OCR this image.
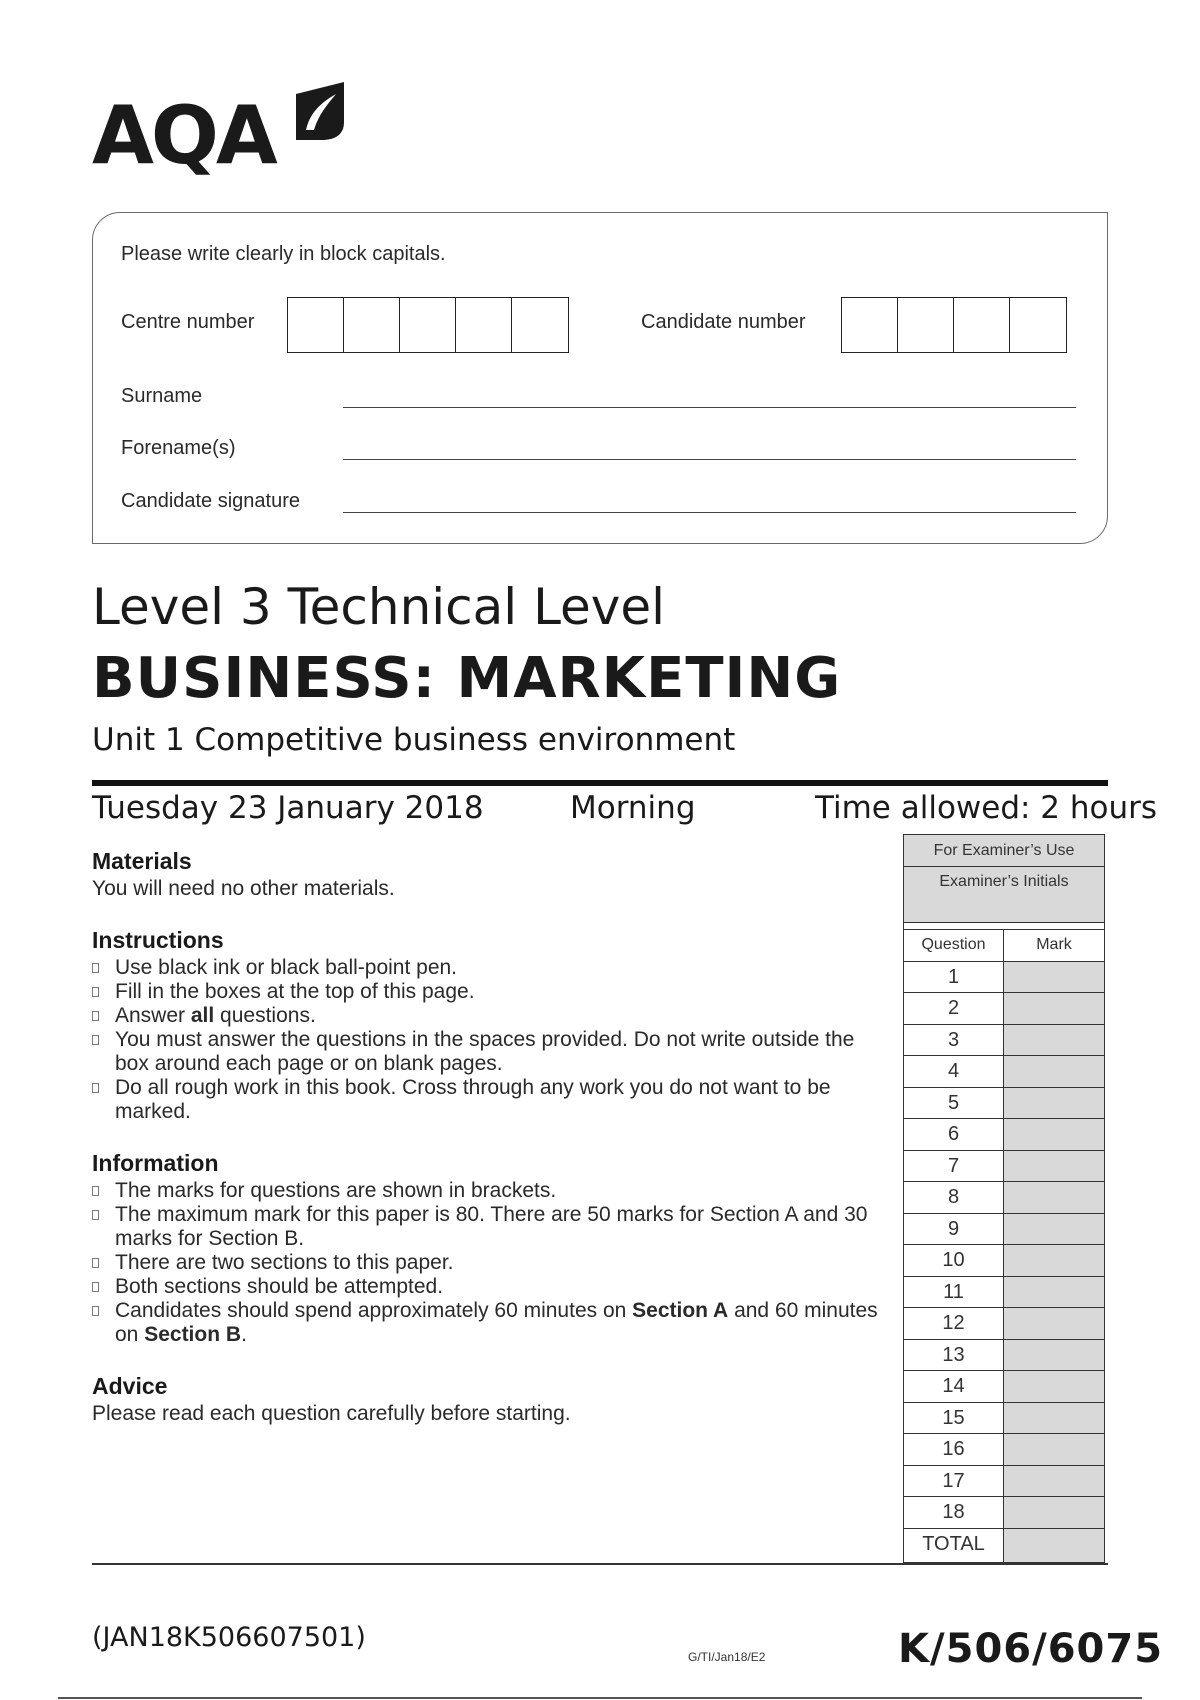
AQA
Please write clearly in block capitals.
Centre number	Candidate number
Surname
Forename(s)
Candidate signature
Level 3 Technical Level
BUSINESS: MARKETING
Unit 1 Competitive business environment
Tuesday 23 January 2018	Morning	Time allowed: 2 hours

Materials

You will need no other materials.

Instructions

Use black ink or black ball-point pen.
Fill in the boxes at the top of this page.
Answer all questions.
You must answer the questions in the spaces provided. Do not write outside the box around each page or on blank pages.
Do all rough work in this book. Cross through any work you do not want to be marked.

Information

The marks for questions are shown in brackets.
The maximum mark for this paper is 80. There are 50 marks for Section A and 30 marks for Section B.
There are two sections to this paper.
Both sections should be attempted.
Candidates should spend approximately 60 minutes on Section A and 60 minutes on Section B.

Advice

Please read each question carefully before starting.

For Examiner’s Use
Examiner’s Initials
Question	Mark
1
2
3
4
5
6
7
8
9
10
11
12
13
14
15
16
17
18
TOTAL
(JAN18K506607501)
G/TI/Jan18/E2	K/506/6075
